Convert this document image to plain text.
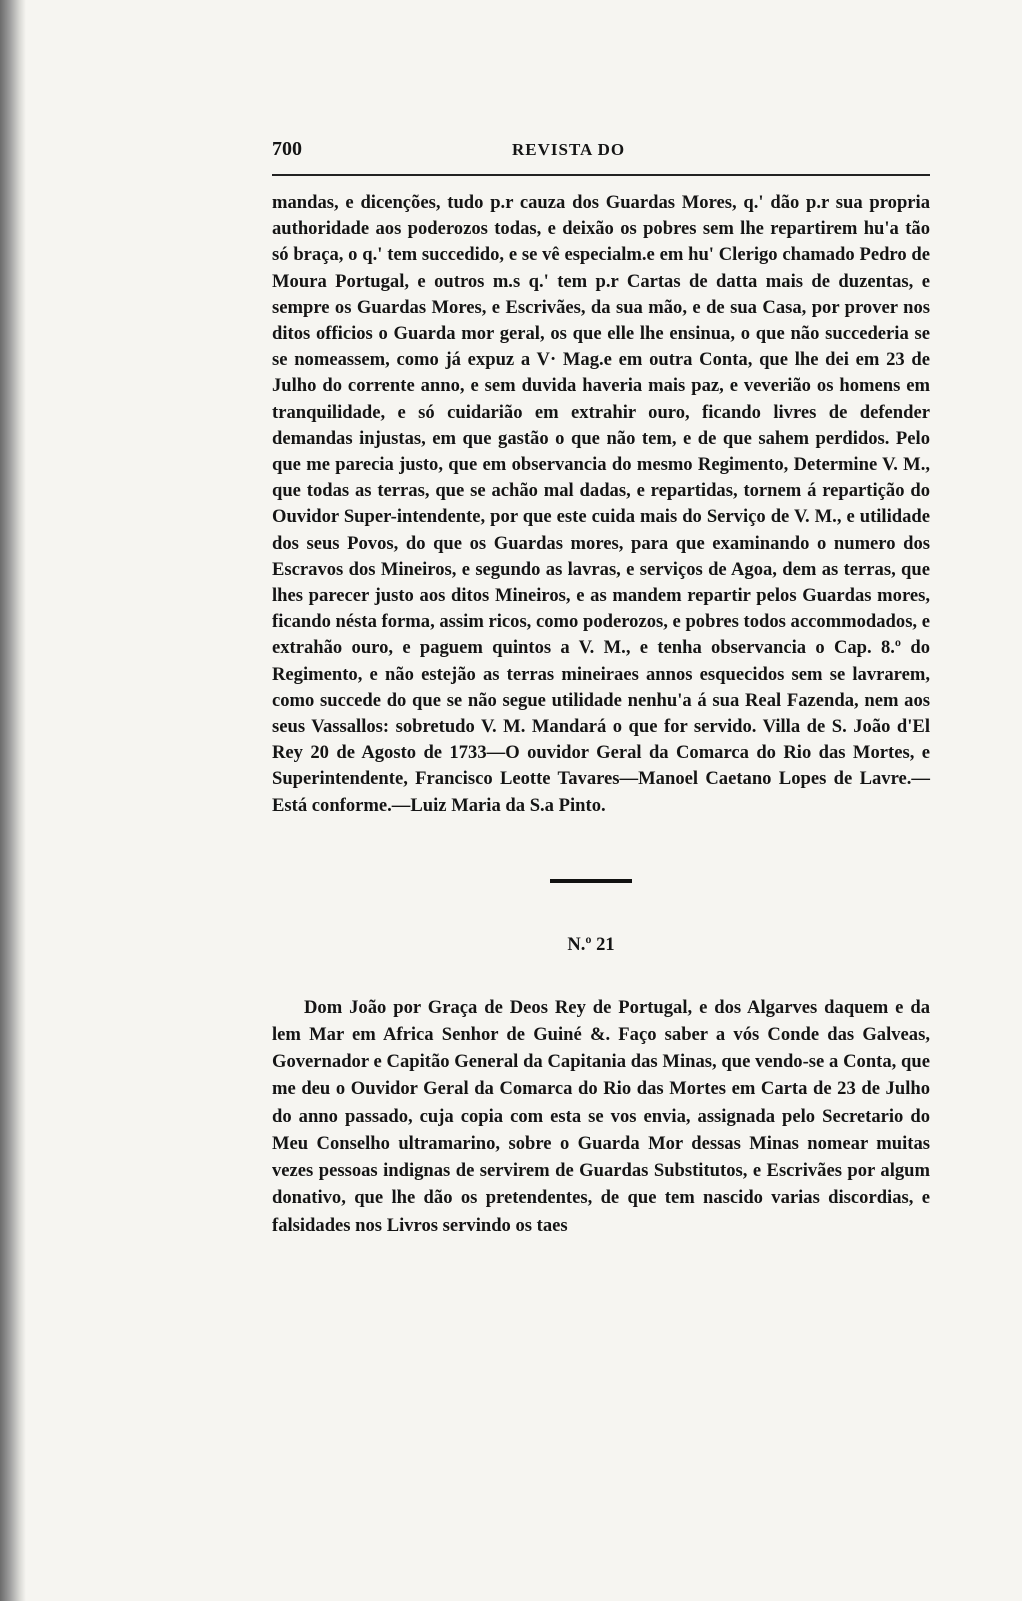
700	REVISTA DO

mandas, e dicenções, tudo p.r cauza dos Guardas Mores, q.' dão p.r sua propria authoridade aos poderozos todas, e deixão os pobres sem lhe repartirem hu'a tão só braça, o q.' tem succedido, e se vê especialm.e em hu' Clerigo chamado Pedro de Moura Portugal, e outros m.s q.' tem p.r Cartas de datta mais de duzentas, e sempre os Guardas Mores, e Escrivães, da sua mão, e de sua Casa, por prover nos ditos officios o Guarda mor geral, os que elle lhe ensinua, o que não succederia se se nomeassem, como já expuz a V· Mag.e em outra Conta, que lhe dei em 23 de Julho do corrente anno, e sem duvida haveria mais paz, e veverião os homens em tranquilidade, e só cuidarião em extrahir ouro, ficando livres de defender demandas injustas, em que gastão o que não tem, e de que sahem perdidos. Pelo que me parecia justo, que em observancia do mesmo Regimento, Determine V. M., que todas as terras, que se achão mal dadas, e repartidas, tornem á repartição do Ouvidor Super-intendente, por que este cuida mais do Serviço de V. M., e utilidade dos seus Povos, do que os Guardas mores, para que examinando o numero dos Escravos dos Mineiros, e segundo as lavras, e serviços de Agoa, dem as terras, que lhes parecer justo aos ditos Mineiros, e as mandem repartir pelos Guardas mores, ficando nésta forma, assim ricos, como poderozos, e pobres todos accommodados, e extrahão ouro, e paguem quintos a V. M., e tenha observancia o Cap. 8.º do Regimento, e não estejão as terras mineiraes annos esquecidos sem se lavrarem, como succede do que se não segue utilidade nenhu'a á sua Real Fazenda, nem aos seus Vassallos: sobretudo V. M. Mandará o que for servido. Villa de S. João d'El Rey 20 de Agosto de 1733—O ouvidor Geral da Comarca do Rio das Mortes, e Superintendente, Francisco Leotte Tavares—Manoel Caetano Lopes de Lavre.—Está conforme.—Luiz Maria da S.a Pinto.

N.º 21

Dom João por Graça de Deos Rey de Portugal, e dos Algarves daquem e da lem Mar em Africa Senhor de Guiné &. Faço saber a vós Conde das Galveas, Governador e Capitão General da Capitania das Minas, que vendo-se a Conta, que me deu o Ouvidor Geral da Comarca do Rio das Mortes em Carta de 23 de Julho do anno passado, cuja copia com esta se vos envia, assignada pelo Secretario do Meu Conselho ultramarino, sobre o Guarda Mor dessas Minas nomear muitas vezes pessoas indignas de servirem de Guardas Substitutos, e Escrivães por algum donativo, que lhe dão os pretendentes, de que tem nascido varias discordias, e falsidades nos Livros servindo os taes
